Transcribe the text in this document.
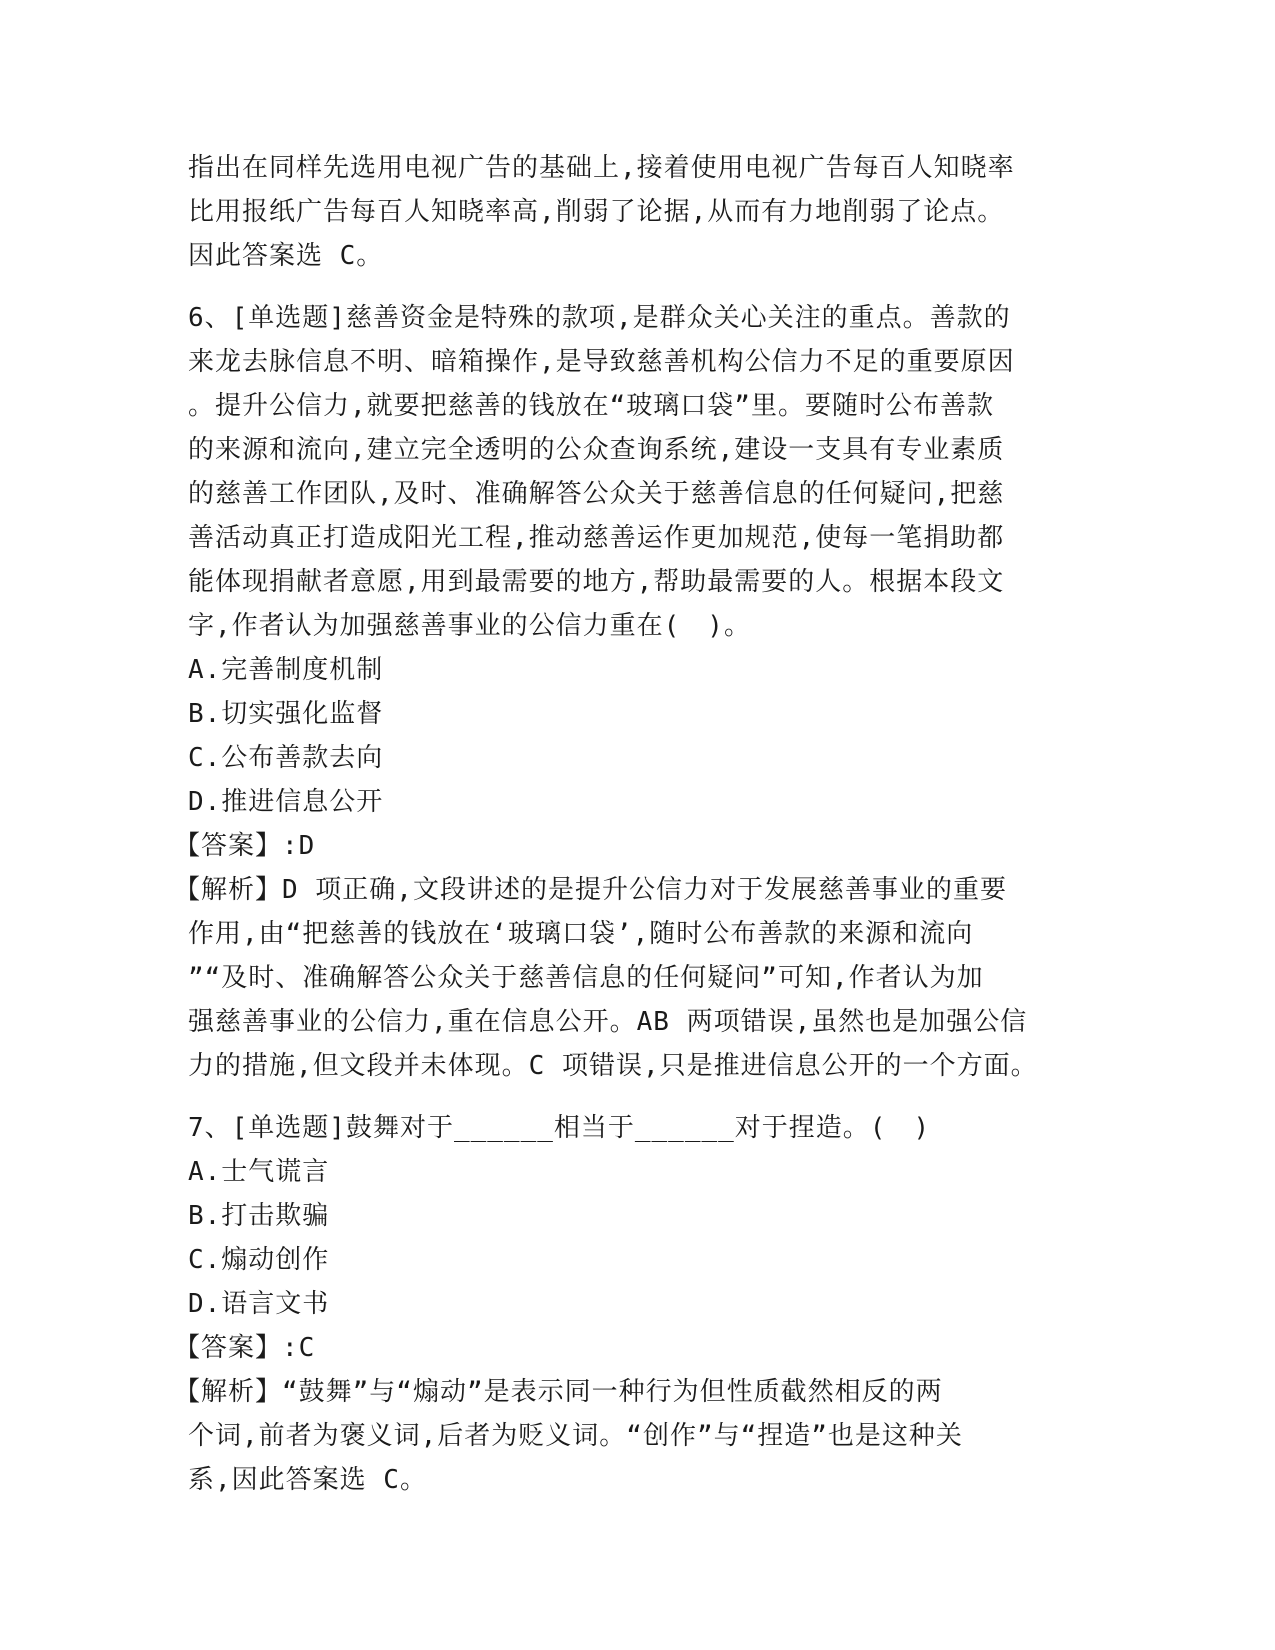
指出在同样先选用电视广告的基础上,接着使用电视广告每百人知晓率
比用报纸广告每百人知晓率高,削弱了论据,从而有力地削弱了论点。
因此答案选 C。
6、[单选题]慈善资金是特殊的款项,是群众关心关注的重点。善款的
来龙去脉信息不明、暗箱操作,是导致慈善机构公信力不足的重要原因
。提升公信力,就要把慈善的钱放在“玻璃口袋”里。要随时公布善款
的来源和流向,建立完全透明的公众查询系统,建设一支具有专业素质
的慈善工作团队,及时、准确解答公众关于慈善信息的任何疑问,把慈
善活动真正打造成阳光工程,推动慈善运作更加规范,使每一笔捐助都
能体现捐献者意愿,用到最需要的地方,帮助最需要的人。根据本段文
字,作者认为加强慈善事业的公信力重在(　)。
A.完善制度机制
B.切实强化监督
C.公布善款去向
D.推进信息公开
【答案】:D
【解析】D 项正确,文段讲述的是提升公信力对于发展慈善事业的重要
作用,由“把慈善的钱放在‘玻璃口袋’,随时公布善款的来源和流向
”“及时、准确解答公众关于慈善信息的任何疑问”可知,作者认为加
强慈善事业的公信力,重在信息公开。AB 两项错误,虽然也是加强公信
力的措施,但文段并未体现。C 项错误,只是推进信息公开的一个方面。
7、[单选题]鼓舞对于______相当于______对于捏造。(　)
A.士气谎言
B.打击欺骗
C.煽动创作
D.语言文书
【答案】:C
【解析】“鼓舞”与“煽动”是表示同一种行为但性质截然相反的两
个词,前者为褒义词,后者为贬义词。“创作”与“捏造”也是这种关
系,因此答案选 C。
